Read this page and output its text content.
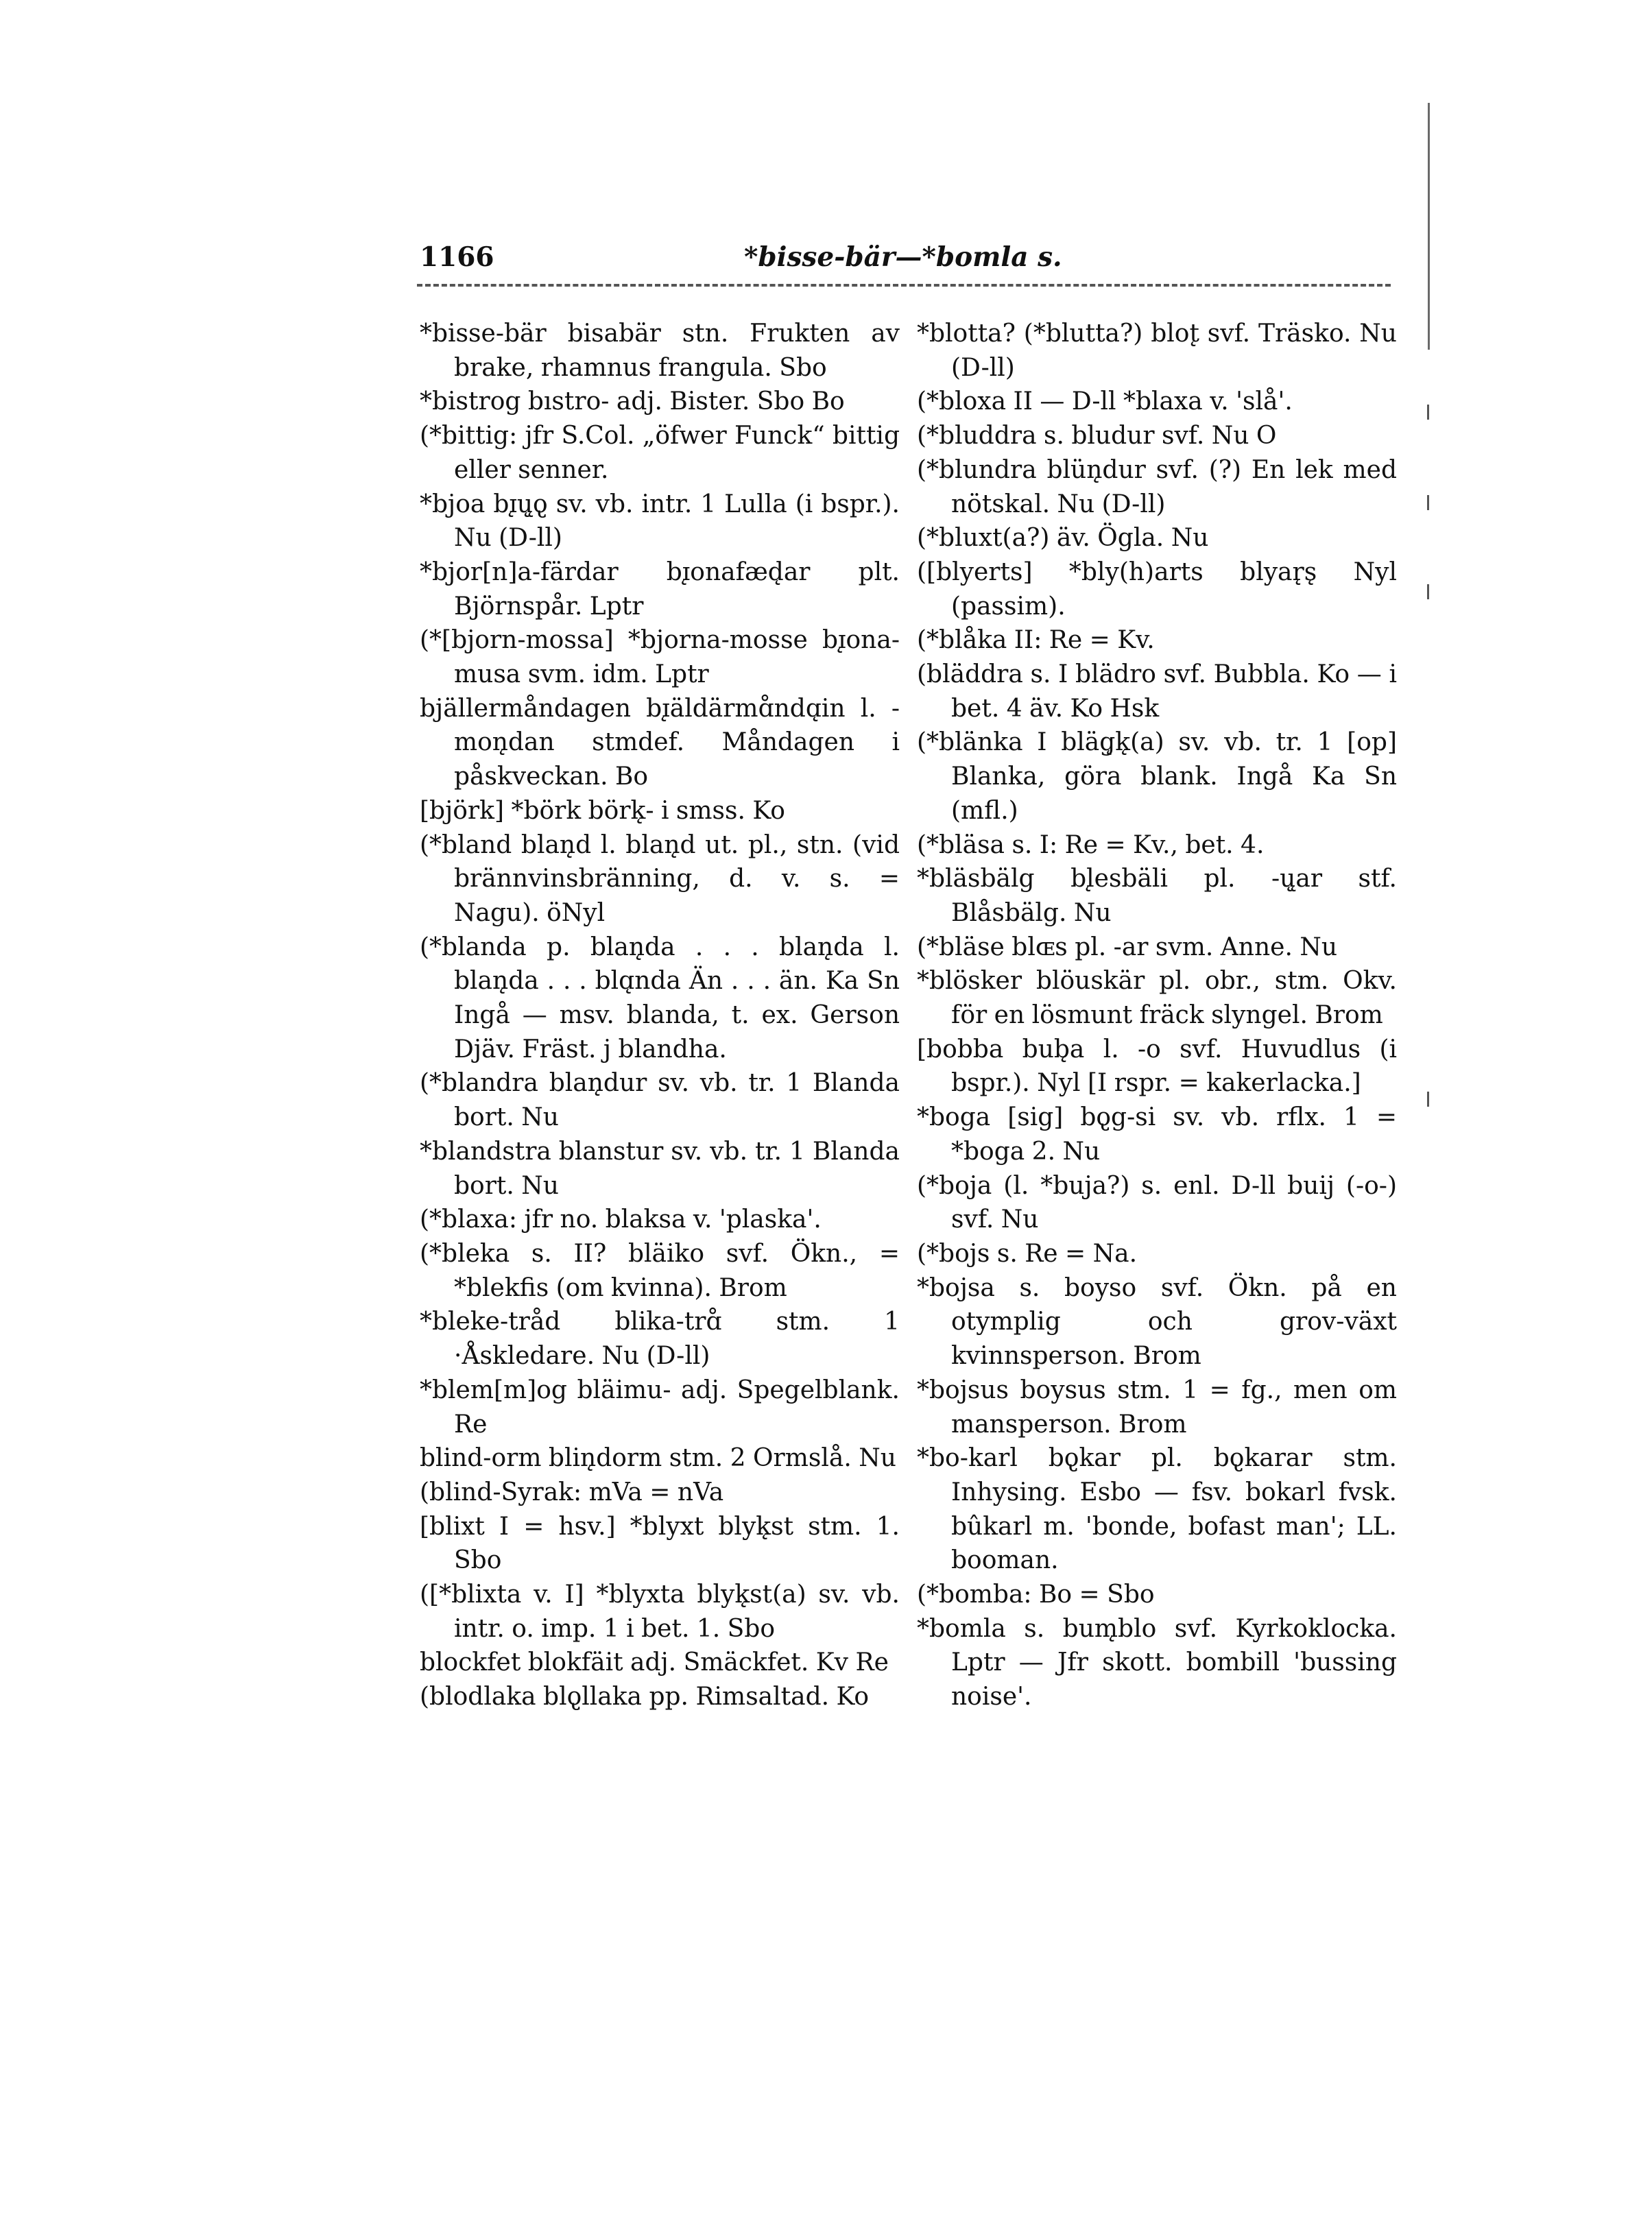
1166	*bisse-bär—*bomla s.
*bisse-bär bisabär stn. Frukten av brake, rhamnus frangula. Sbo
*bistrog bıstro- adj. Bister. Sbo Bo
(*bittig: jfr S.Col. „öfwer Funck“ bittig eller senner.
*bjoa bɪ̨ų̨o̢ sv. vb. intr. 1 Lulla (i bspr.). Nu (D-ll)
*bjor[n]a-färdar bɪ̨onafæd̨ar plt. Björnspår. Lptr
(*[bjorn-mossa] *bjorna-mosse bɪ̨ona-musa svm. idm. Lptr
bjällermåndagen bɪ̨äldärmɑ̊ndɑ̨in l. -mon̨dan stmdef. Måndagen i påskveckan. Bo
[björk] *börk börk̨- i smss. Ko
(*bland blan̨d l. blan̨d ut. pl., stn. (vid brännvinsbränning, d. v. s. = Nagu). öNyl
(*blanda p. blan̨da . . . blan̨da l. blan̨da . . . blɑ̨nda Än . . . än. Ka Sn Ingå — msv. blanda, t. ex. Gerson Djäv. Fräst. j blandha.
(*blandra blan̨dur sv. vb. tr. 1 Blanda bort. Nu
*blandstra blanstur sv. vb. tr. 1 Blanda bort. Nu
(*blaxa: jfr no. blaksa v. 'plaska'.
(*bleka s. II? bläiko svf. Ökn., = *blekfis (om kvinna). Brom
*bleke-tråd blika-trɑ̊ stm. 1 ·Åskledare. Nu (D-ll)
*blem[m]og bläimu- adj. Spegelblank. Re
blind-orm blin̨dorm stm. 2 Ormslå. Nu
(blind-Syrak: mVa = nVa
[blixt I = hsv.] *blyxt blyk̨st stm. 1. Sbo
([*blixta v. I] *blyxta blyk̨st(a) sv. vb. intr. o. imp. 1 i bet. 1. Sbo
blockfet blokfäit adj. Smäckfet. Kv Re
(blodlaka blo̢llaka pp. Rimsaltad. Ko
*blotta? (*blutta?) blot̨ svf. Träsko. Nu (D-ll)
(*bloxa II — D-ll *blaxa v. 'slå'.
(*bluddra s. bludur svf. Nu O
(*blundra blün̨dur svf. (?) En lek med nötskal. Nu (D-ll)
(*bluxt(a?) äv. Ögla. Nu
([blyerts] *bly(h)arts blyar̨s̨ Nyl (passim).
(*blåka II: Re = Kv.
(bläddra s. I blädro svf. Bubbla. Ko — i bet. 4 äv. Ko Hsk
(*blänka I bläg̨k̨(a) sv. vb. tr. 1 [op] Blanka, göra blank. Ingå Ka Sn (mfl.)
(*bläsa s. I: Re = Kv., bet. 4.
*bläsbälg bl̨esbäli pl. -ų̨ar stf. Blåsbälg. Nu
(*bläse blɶs pl. -ar svm. Anne. Nu
*blösker blöuskär pl. obr., stm. Okv. för en lösmunt fräck slyngel. Brom
[bobba bub̨a l. -o svf. Huvudlus (i bspr.). Nyl [I rspr. = kakerlacka.]
*boga [sig] bo̢g-si sv. vb. rflx. 1 = *boga 2. Nu
(*boja (l. *buja?) s. enl. D-ll buij (-o-) svf. Nu
(*bojs s. Re = Na.
*bojsa s. boyso svf. Ökn. på en otymplig och grov-växt kvinnsperson. Brom
*bojsus boysus stm. 1 = fg., men om mansperson. Brom
*bo-karl bo̢kar pl. bo̢karar stm. Inhysing. Esbo — fsv. bokarl fvsk. bûkarl m. 'bonde, bofast man'; LL. booman.
(*bomba: Bo = Sbo
*bomla s. bum̨blo svf. Kyrkoklocka. Lptr — Jfr skott. bombill 'bussing noise'.
